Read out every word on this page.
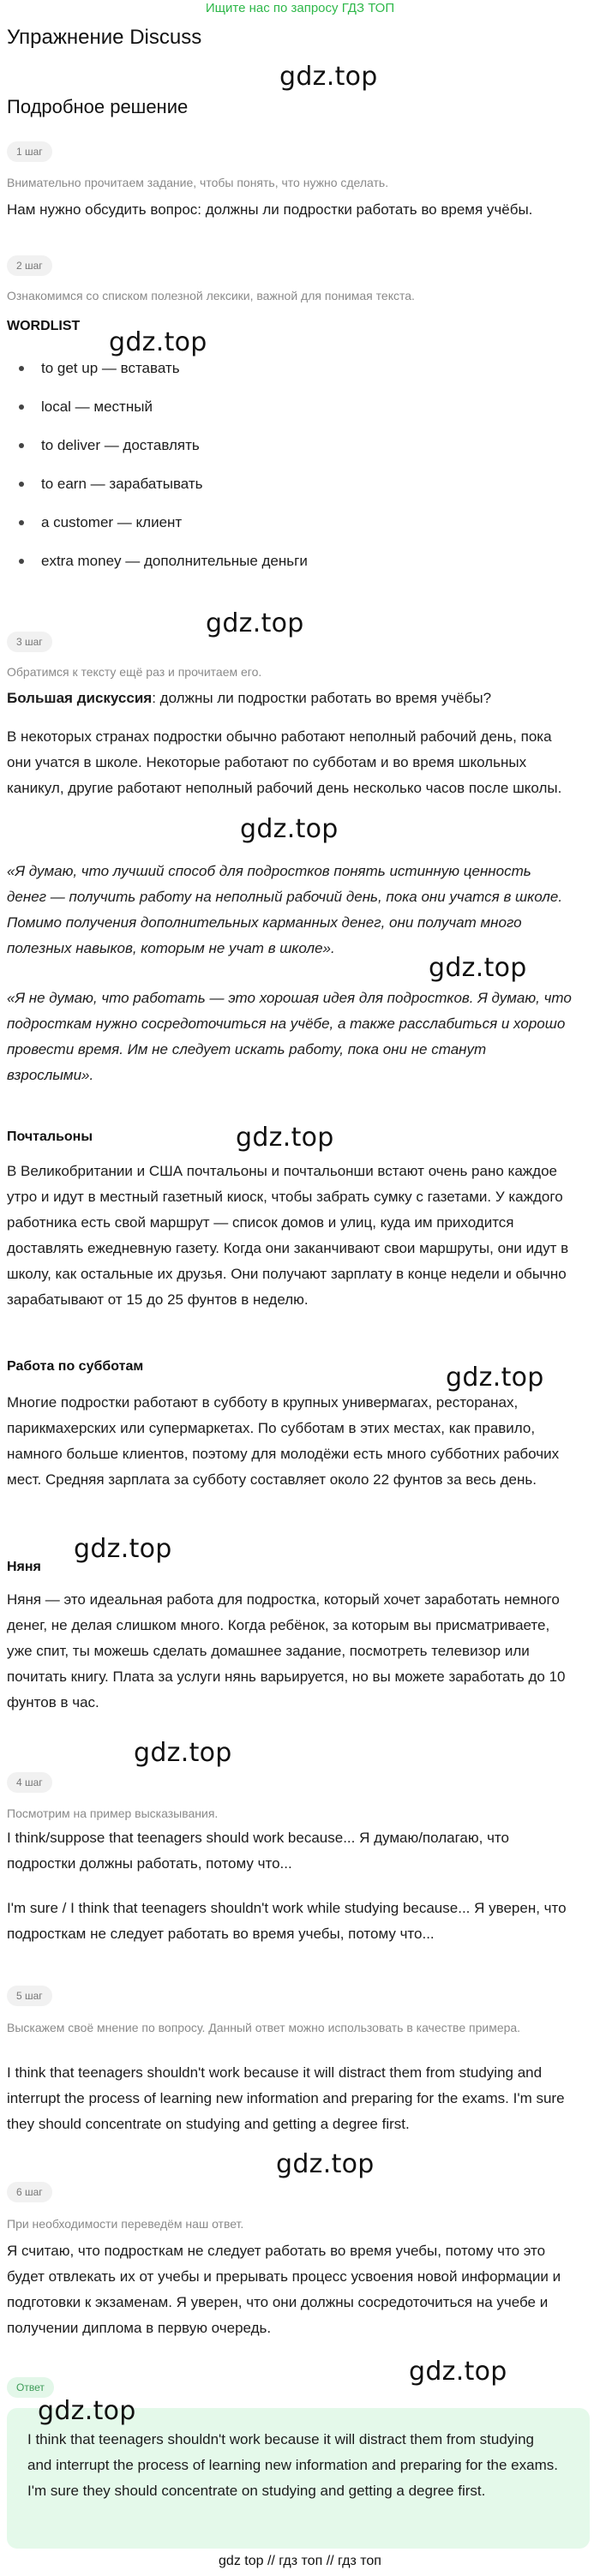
Ищите нас по запросу ГДЗ ТОП
Упражнение Discuss
gdz.top
Подробное решение
1 шаг

Внимательно прочитаем задание, чтобы понять, что нужно сделать.

Нам нужно обсудить вопрос: должны ли подростки работать во время учёбы.

2 шаг

Ознакомимся со списком полезной лексики, важной для понимая текста.

WORDLIST
gdz.top
to get up — вставать
local — местный
to deliver — доставлять
to earn — зарабатывать
a customer — клиент
extra money — дополнительные деньги
gdz.top
3 шаг

Обратимся к тексту ещё раз и прочитаем его.

Большая дискуссия: должны ли подростки работать во время учёбы?

В некоторых странах подростки обычно работают неполный рабочий день, пока они учатся в школе. Некоторые работают по субботам и во время школьных каникул, другие работают неполный рабочий день несколько часов после школы.

gdz.top

«Я думаю, что лучший способ для подростков понять истинную ценность денег — получить работу на неполный рабочий день, пока они учатся в школе. Помимо получения дополнительных карманных денег, они получат много полезных навыков, которым не учат в школе».

gdz.top

«Я не думаю, что работать — это хорошая идея для подростков. Я думаю, что подросткам нужно сосредоточиться на учёбе, а также расслабиться и хорошо провести время. Им не следует искать работу, пока они не станут взрослыми».

Почтальоны	gdz.top

В Великобритании и США почтальоны и почтальонши встают очень рано каждое утро и идут в местный газетный киоск, чтобы забрать сумку с газетами. У каждого работника есть свой маршрут — список домов и улиц, куда им приходится доставлять ежедневную газету. Когда они заканчивают свои маршруты, они идут в школу, как остальные их друзья. Они получают зарплату в конце недели и обычно зарабатывают от 15 до 25 фунтов в неделю.

Работа по субботам	gdz.top

Многие подростки работают в субботу в крупных универмагах, ресторанах, парикмахерских или супермаркетах. По субботам в этих местах, как правило, намного больше клиентов, поэтому для молодёжи есть много субботних рабочих мест. Средняя зарплата за субботу составляет около 22 фунтов за весь день.

gdz.top
Няня

Няня — это идеальная работа для подростка, который хочет заработать немного денег, не делая слишком много. Когда ребёнок, за которым вы присматриваете, уже спит, ты можешь сделать домашнее задание, посмотреть телевизор или почитать книгу. Плата за услуги нянь варьируется, но вы можете заработать до 10 фунтов в час.

gdz.top
4 шаг

Посмотрим на пример высказывания.

I think/suppose that teenagers should work because... Я думаю/полагаю, что подростки должны работать, потому что...

I'm sure / I think that teenagers shouldn't work while studying because... Я уверен, что подросткам не следует работать во время учебы, потому что...

5 шаг

Выскажем своё мнение по вопросу. Данный ответ можно использовать в качестве примера.

I think that teenagers shouldn't work because it will distract them from studying and interrupt the process of learning new information and preparing for the exams. I'm sure they should concentrate on studying and getting a degree first.

gdz.top
6 шаг

При необходимости переведём наш ответ.

Я считаю, что подросткам не следует работать во время учебы, потому что это будет отвлекать их от учебы и прерывать процесс усвоения новой информации и подготовки к экзаменам. Я уверен, что они должны сосредоточиться на учебе и получении диплома в первую очередь.

gdz.top
Ответ

I think that teenagers shouldn't work because it will distract them from studying and interrupt the process of learning new information and preparing for the exams. I'm sure they should concentrate on studying and getting a degree first.

gdz.top
gdz top // гдз топ // гдз топ
